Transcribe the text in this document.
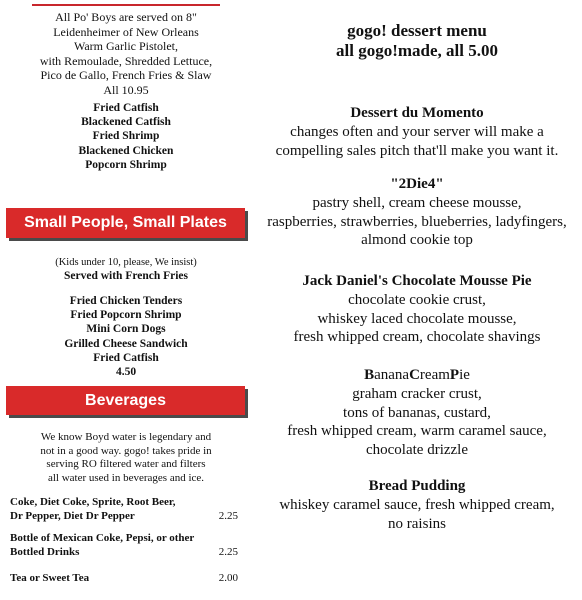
All Po' Boys are served on 8"
Leidenheimer of New Orleans
Warm Garlic Pistolet,
with Remoulade, Shredded Lettuce,
Pico de Gallo, French Fries & Slaw
All 10.95
Fried Catfish
Blackened Catfish
Fried Shrimp
Blackened Chicken
Popcorn Shrimp
Small People, Small Plates
(Kids under 10, please, We insist)
Served with French Fries
Fried Chicken Tenders
Fried Popcorn Shrimp
Mini Corn Dogs
Grilled Cheese Sandwich
Fried Catfish
4.50
Beverages
We know Boyd water is legendary and
not in a good way. gogo! takes pride in
serving RO filtered water and filters
all water used in beverages and ice.
Coke, Diet Coke, Sprite, Root Beer,
Dr Pepper, Diet Dr Pepper	2.25
Bottle of Mexican Coke, Pepsi, or other
Bottled Drinks	2.25
Tea or Sweet Tea	2.00
gogo! dessert menu
all gogo!made, all 5.00
Dessert du Momento
changes often and your server will make a
compelling sales pitch that'll make you want it.
"2Die4"
pastry shell, cream cheese mousse,
raspberries, strawberries, blueberries, ladyfingers,
almond cookie top
Jack Daniel's Chocolate Mousse Pie
chocolate cookie crust,
whiskey laced chocolate mousse,
fresh whipped cream, chocolate shavings
BananaCreamPie
graham cracker crust,
tons of bananas, custard,
fresh whipped cream, warm caramel sauce,
chocolate drizzle
Bread Pudding
whiskey caramel sauce, fresh whipped cream,
no raisins
